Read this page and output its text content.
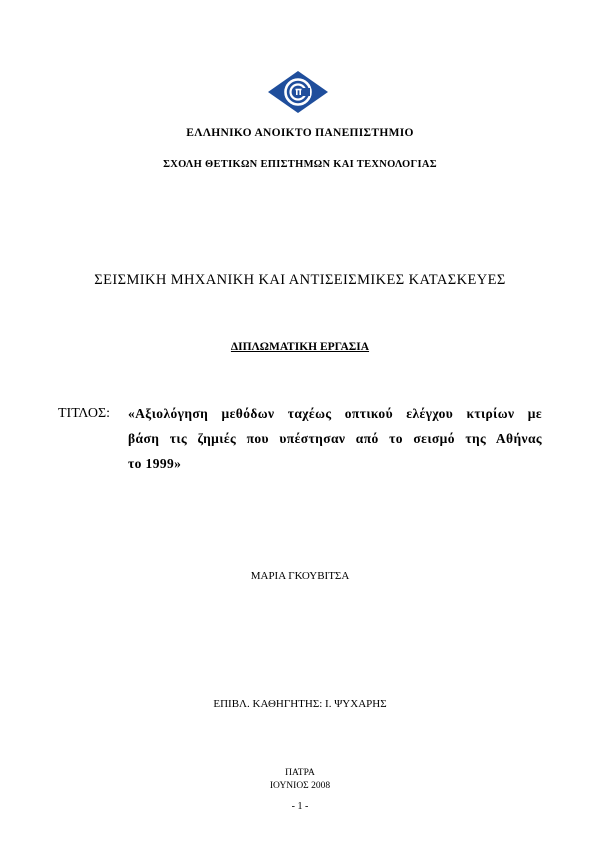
ΕΛΛΗΝΙΚΟ ΑΝΟΙΚΤΟ ΠΑΝΕΠΙΣΤΗΜΙΟ
ΣΧΟΛΗ ΘΕΤΙΚΩΝ ΕΠΙΣΤΗΜΩΝ ΚΑΙ ΤΕΧΝΟΛΟΓΙΑΣ
ΣΕΙΣΜΙΚΗ ΜΗΧΑΝΙΚΗ ΚΑΙ ΑΝΤΙΣΕΙΣΜΙΚΕΣ ΚΑΤΑΣΚΕΥΕΣ
ΔΙΠΛΩΜΑΤΙΚΗ ΕΡΓΑΣΙΑ
ΤΙΤΛΟΣ: «Αξιολόγηση μεθόδων ταχέως οπτικού ελέγχου κτιρίων με
βάση τις ζημιές που υπέστησαν από το σεισμό της Αθήνας
το 1999»
ΜΑΡΙΑ ΓΚΟΥΒΙΤΣΑ
ΕΠΙΒΛ. ΚΑΘΗΓΗΤΗΣ: Ι. ΨΥΧΑΡΗΣ
ΠΑΤΡΑ
ΙΟΥΝΙΟΣ 2008
- 1 -
